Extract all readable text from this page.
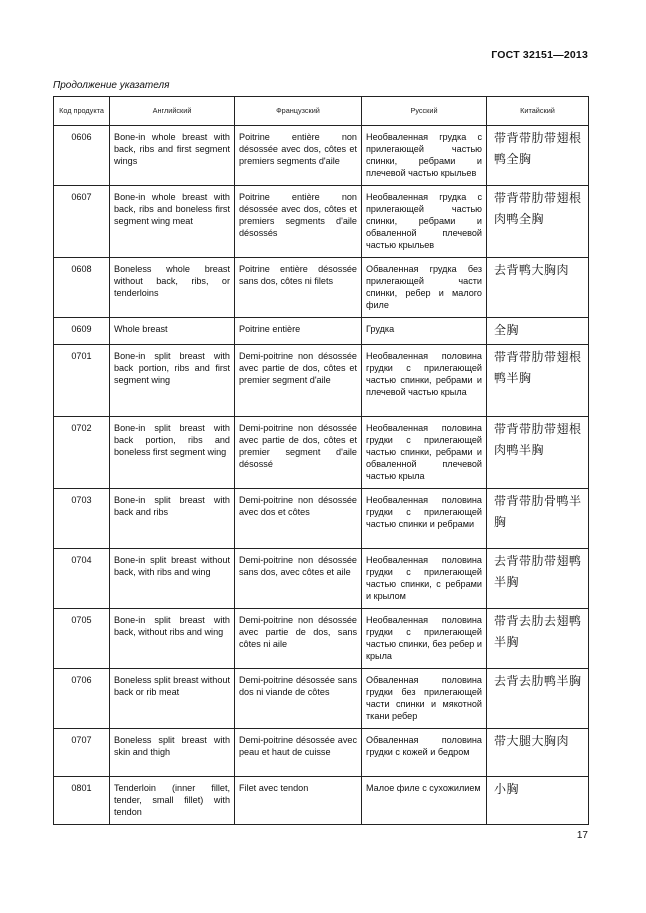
ГОСТ 32151—2013
Продолжение указателя
Код продукта	Английский	Французский	Русский	Китайский
0606	Bone-in whole breast with back, ribs and first segment wings	Poitrine entière non désossée avec dos, côtes et premiers segments d'aile	Необваленная грудка с прилегающей частью спинки, ребрами и плечевой частью крыльев	带背带肋带翅根鸭全胸
0607	Bone-in whole breast with back, ribs and boneless first segment wing meat	Poitrine entière non désossée avec dos, côtes et premiers segments d'aile désossés	Необваленная грудка с прилегающей частью спинки, ребрами и обваленной плечевой частью крыльев	带背带肋带翅根肉鸭全胸
0608	Boneless whole breast without back, ribs, or tenderloins	Poitrine entière désossée sans dos, côtes ni filets	Обваленная грудка без прилегающей части спинки, ребер и малого филе	去背鸭大胸肉
0609	Whole breast	Poitrine entière	Грудка	全胸
0701	Bone-in split breast with back portion, ribs and first segment wing	Demi-poitrine non désossée avec partie de dos, côtes et premier segment d'aile	Необваленная половина грудки с прилегающей частью спинки, ребрами и плечевой частью крыла	带背带肋带翅根鸭半胸
0702	Bone-in split breast with back portion, ribs and boneless first segment wing	Demi-poitrine non désossée avec partie de dos, côtes et premier segment d'aile désossé	Необваленная половина грудки с прилегающей частью спинки, ребрами и обваленной плечевой частью крыла	带背带肋带翅根肉鸭半胸
0703	Bone-in split breast with back and ribs	Demi-poitrine non désossée avec dos et côtes	Необваленная половина грудки с прилегающей частью спинки и ребрами	带背带肋骨鸭半胸
0704	Bone-in split breast without back, with ribs and wing	Demi-poitrine non désossée sans dos, avec côtes et aile	Необваленная половина грудки с прилегающей частью спинки, с ребрами и крылом	去背带肋带翅鸭半胸
0705	Bone-in split breast with back, without ribs and wing	Demi-poitrine non désossée avec partie de dos, sans côtes ni aile	Необваленная половина грудки с прилегающей частью спинки, без ребер и крыла	带背去肋去翅鸭半胸
0706	Boneless split breast without back or rib meat	Demi-poitrine désossée sans dos ni viande de côtes	Обваленная половина грудки без прилегающей части спинки и мякотной ткани ребер	去背去肋鸭半胸
0707	Boneless split breast with skin and thigh	Demi-poitrine désossée avec peau et haut de cuisse	Обваленная половина грудки с кожей и бедром	带大腿大胸肉
0801	Tenderloin (inner fillet, tender, small fillet) with tendon	Filet avec tendon	Малое филе с сухожилием	小胸
17
